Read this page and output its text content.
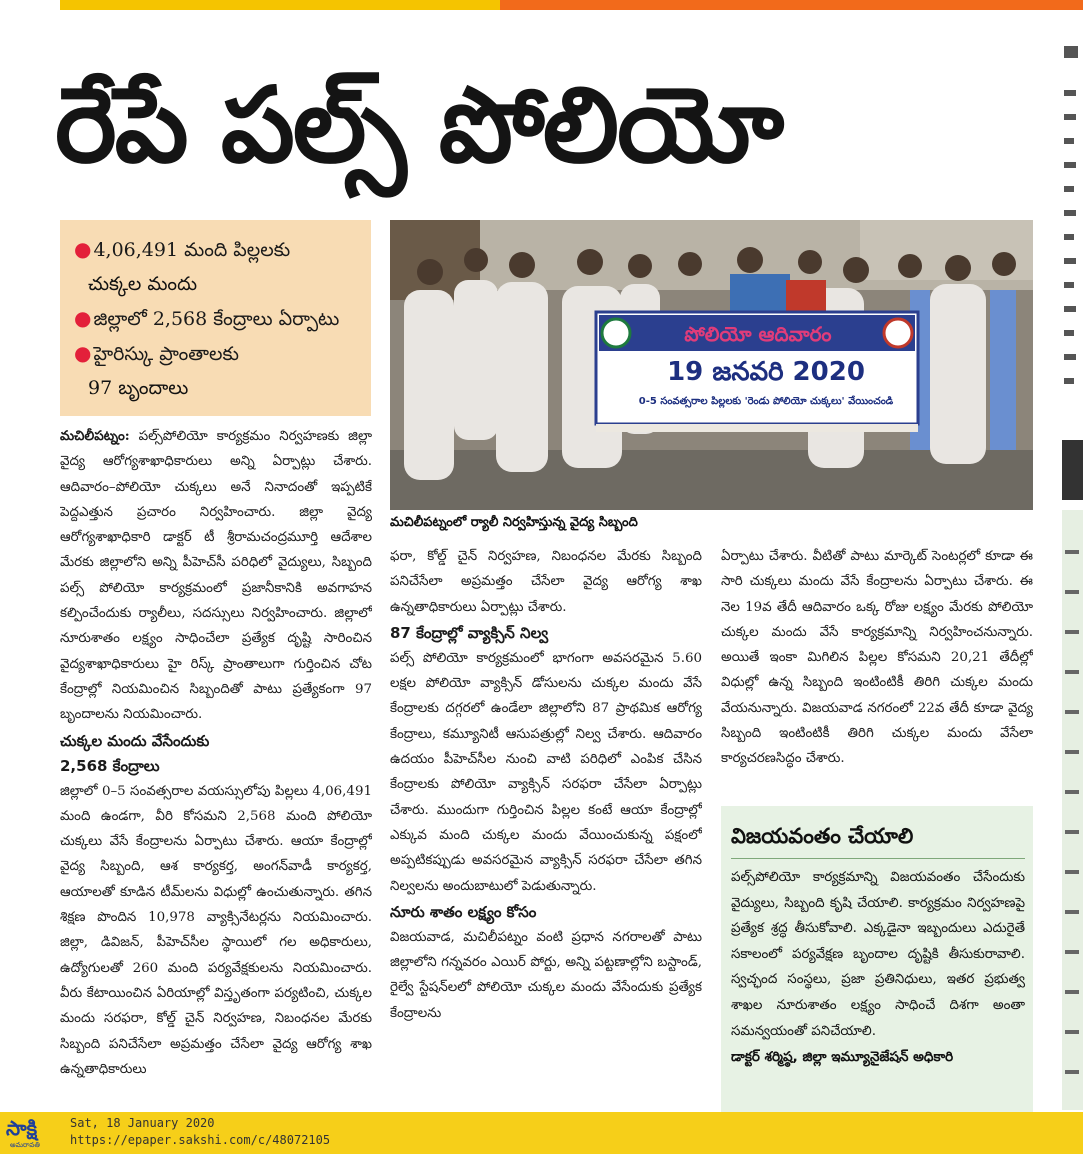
రేపే పల్స్‌ పోలియో

● 4,06,491 మంది పిల్లలకు

చుక్కల మందు

● జిల్లాలో 2,568 కేంద్రాలు ఏర్పాటు

● హైరిస్కు ప్రాంతాలకు

97 బృందాలు

పోలియో ఆదివారం
19 జనవరి 2020
0-5 సంవత్సరాల పిల్లలకు 'రెండు పోలియో చుక్కలు' వేయించండి

మచిలీపట్నంలో ర్యాలీ నిర్వహిస్తున్న వైద్య సిబ్బంది

మచిలీపట్నం: పల్స్‌పోలియో కార్యక్రమం నిర్వహణకు జిల్లా వైద్య ఆరోగ్యశాఖాధికారులు అన్ని ఏర్పాట్లు చేశారు. ఆదివారం–పోలియో చుక్కలు అనే నినాదంతో ఇప్పటికే పెద్దఎత్తున ప్రచారం నిర్వహించారు. జిల్లా వైద్య ఆరోగ్యశాఖాధికారి డాక్టర్‌ టీ శ్రీరామచంద్రమూర్తి ఆదేశాల మేరకు జిల్లాలోని అన్ని పీహెచ్‌సీ పరిధిలో వైద్యులు, సిబ్బంది పల్స్‌ పోలియో కార్యక్రమంలో ప్రజానీకానికి అవగాహన కల్పించేందుకు ర్యాలీలు, సదస్సులు నిర్వహించారు. జిల్లాలో నూరుశాతం లక్ష్యం సాధించేలా ప్రత్యేక దృష్టి సారించిన వైద్యశాఖాధికారులు హై రిస్క్‌ ప్రాంతాలుగా గుర్తించిన చోట కేంద్రాల్లో నియమించిన సిబ్బందితో పాటు ప్రత్యేకంగా 97 బృందాలను నియమించారు.

చుక్కల మందు వేసేందుకు

2,568 కేంద్రాలు

జిల్లాలో 0–5 సంవత్సరాల వయస్సులోపు పిల్లలు 4,06,491 మంది ఉండగా, వీరి కోసమని 2,568 మంది పోలియో చుక్కలు వేసే కేంద్రాలను ఏర్పాటు చేశారు. ఆయా కేంద్రాల్లో వైద్య సిబ్బంది, ఆశ కార్యకర్త, అంగన్‌వాడీ కార్యకర్త, ఆయాలతో కూడిన టీమ్‌లను విధుల్లో ఉంచుతున్నారు. తగిన శిక్షణ పొందిన 10,978 వ్యాక్సినేటర్లను నియమించారు. జిల్లా, డివిజన్‌, పీహెచ్‌సీల స్థాయిలో గల అధికారులు, ఉద్యోగులతో 260 మంది పర్యవేక్షకులను నియమించారు. వీరు కేటాయించిన ఏరియాల్లో విస్తృతంగా పర్యటించి, చుక్కల మందు సరఫరా, కోల్డ్‌ చైన్‌ నిర్వహణ, నిబంధనల మేరకు సిబ్బంది పనిచేసేలా అప్రమత్తం చేసేలా వైద్య ఆరోగ్య శాఖ ఉన్నతాధికారులు

ఫరా, కోల్డ్‌ చైన్‌ నిర్వహణ, నిబంధనల మేరకు సిబ్బంది పనిచేసేలా అప్రమత్తం చేసేలా వైద్య ఆరోగ్య శాఖ ఉన్నతాధికారులు ఏర్పాట్లు చేశారు.

87 కేంద్రాల్లో వ్యాక్సిన్‌ నిల్వ

పల్స్‌ పోలియో కార్యక్రమంలో భాగంగా అవసరమైన 5.60 లక్షల పోలియో వ్యాక్సిన్‌ డోసులను చుక్కల మందు వేసే కేంద్రాలకు దగ్గరలో ఉండేలా జిల్లాలోని 87 ప్రాథమిక ఆరోగ్య కేంద్రాలు, కమ్యూనిటీ ఆసుపత్రుల్లో నిల్వ చేశారు. ఆదివారం ఉదయం పీహెచ్‌సీల నుంచి వాటి పరిధిలో ఎంపిక చేసిన కేంద్రాలకు పోలియో వ్యాక్సిన్‌ సరఫరా చేసేలా ఏర్పాట్లు చేశారు. ముందుగా గుర్తించిన పిల్లల కంటే ఆయా కేంద్రాల్లో ఎక్కువ మంది చుక్కల మందు వేయించుకున్న పక్షంలో అప్పటికప్పుడు అవసరమైన వ్యాక్సిన్‌ సరఫరా చేసేలా తగిన నిల్వలను అందుబాటులో పెడుతున్నారు.

నూరు శాతం లక్ష్యం కోసం

విజయవాడ, మచిలీపట్నం వంటి ప్రధాన నగరాలతో పాటు జిల్లాలోని గన్నవరం ఎయిర్‌ పోర్టు, అన్ని పట్టణాల్లోని బస్టాండ్‌, రైల్వే స్టేషన్‌లలో పోలియో చుక్కల మందు వేసేందుకు ప్రత్యేక కేంద్రాలను

ఏర్పాటు చేశారు. వీటితో పాటు మార్కెట్‌ సెంటర్లలో కూడా ఈ సారి చుక్కలు మందు వేసే కేంద్రాలను ఏర్పాటు చేశారు. ఈ నెల 19వ తేదీ ఆదివారం ఒక్క రోజు లక్ష్యం మేరకు పోలియో చుక్కల మందు వేసే కార్యక్రమాన్ని నిర్వహించనున్నారు. అయితే ఇంకా మిగిలిన పిల్లల కోసమని 20,21 తేదీల్లో విధుల్లో ఉన్న సిబ్బంది ఇంటింటికీ తిరిగి చుక్కల మందు వేయనున్నారు. విజయవాడ నగరంలో 22వ తేదీ కూడా వైద్య సిబ్బంది ఇంటింటికీ తిరిగి చుక్కల మందు వేసేలా కార్యచరణసిద్ధం చేశారు.

విజయవంతం చేయాలి

పల్స్‌పోలియో కార్యక్రమాన్ని విజయవంతం చేసేందుకు వైద్యులు, సిబ్బంది కృషి చేయాలి. కార్యక్రమం నిర్వహణపై ప్రత్యేక శ్రద్ధ తీసుకోవాలి. ఎక్కడైనా ఇబ్బందులు ఎదురైతే సకాలంలో పర్యవేక్షణ బృందాల దృష్టికి తీసుకురావాలి. స్వచ్ఛంద సంస్థలు, ప్రజా ప్రతినిధులు, ఇతర ప్రభుత్వ శాఖల నూరుశాతం లక్ష్యం సాధించే దిశగా అంతా సమన్వయంతో పనిచేయాలి.

డాక్టర్‌ శర్మిష్ఠ, జిల్లా ఇమ్యూనైజేషన్‌ అధికారి

సాక్షి
అమరావతి
Sat, 18 January 2020
https://epaper.sakshi.com/c/48072105
